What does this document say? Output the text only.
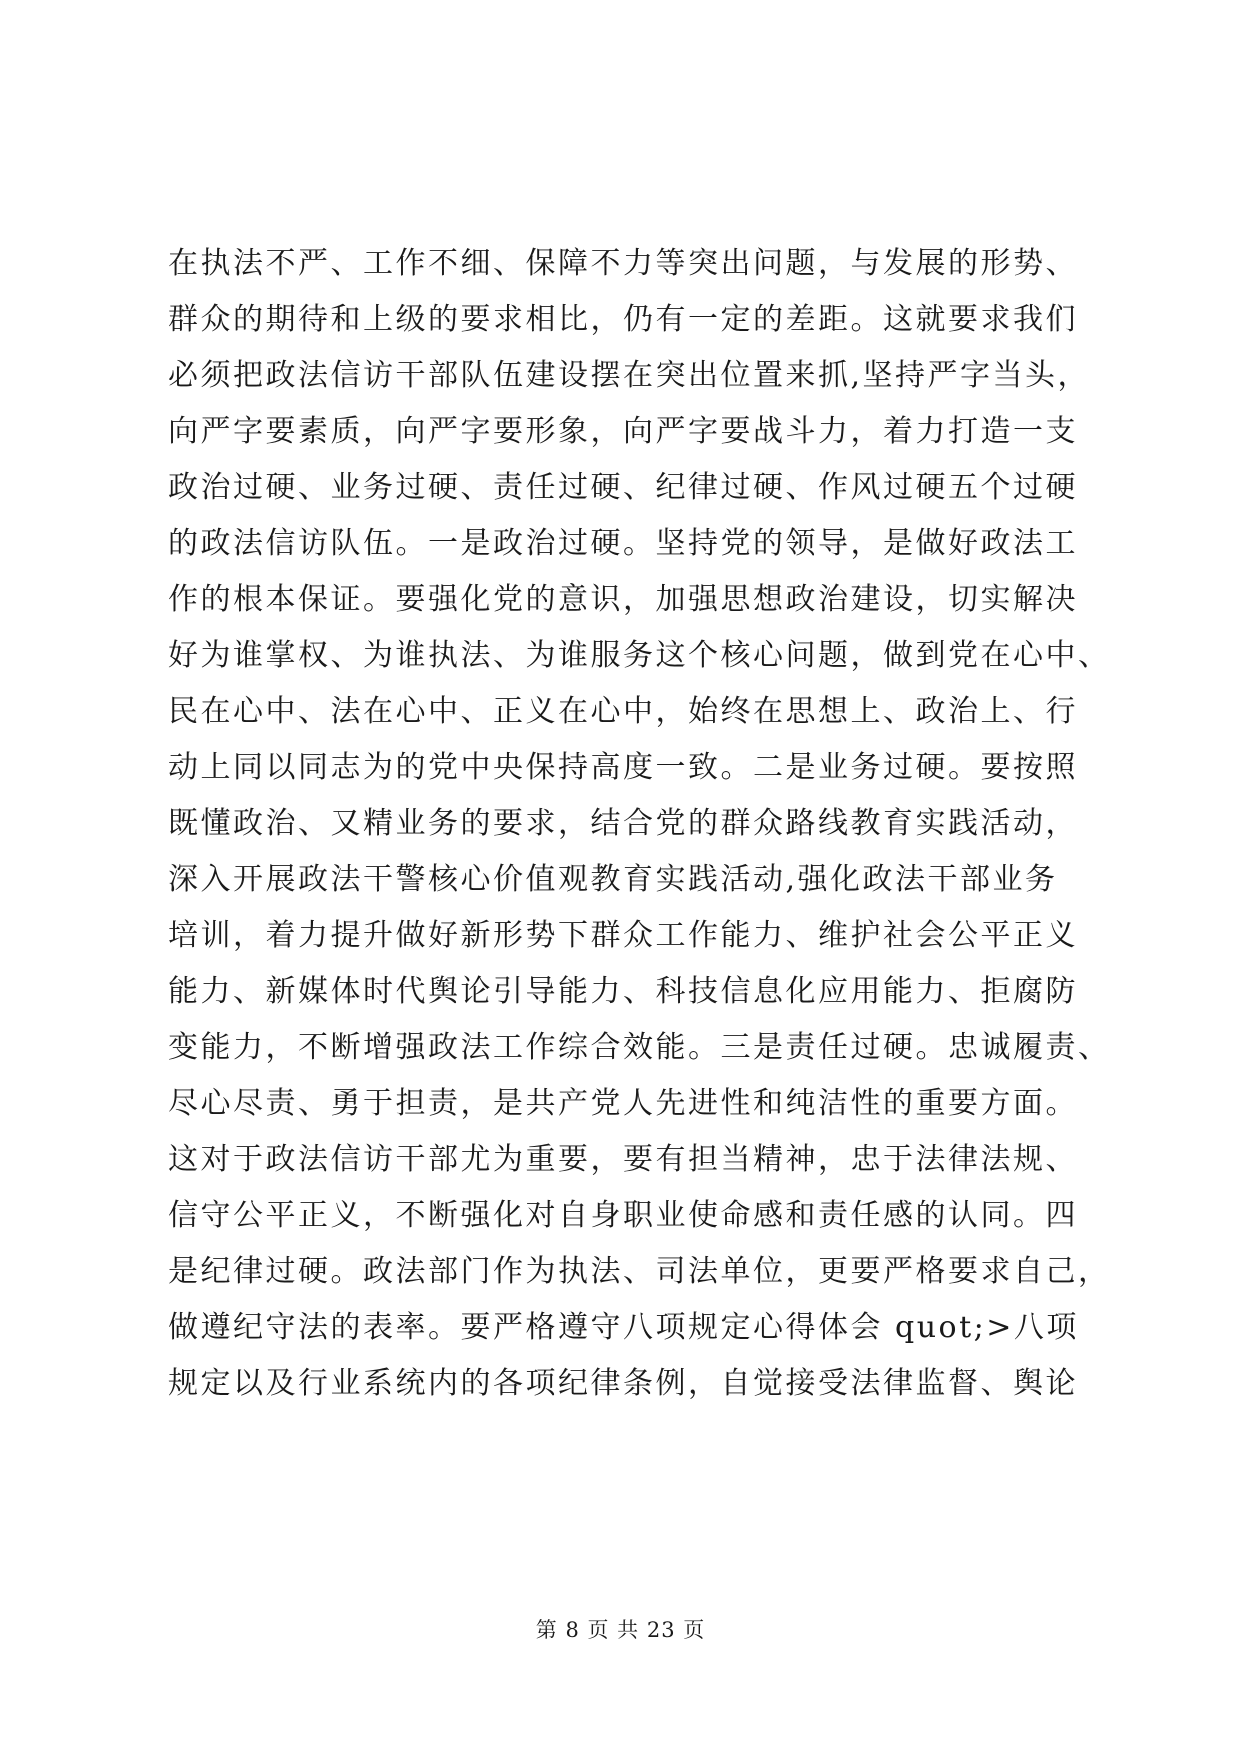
在执法不严、工作不细、保障不力等突出问题，与发展的形势、
群众的期待和上级的要求相比，仍有一定的差距。这就要求我们
必须把政法信访干部队伍建设摆在突出位置来抓,坚持严字当头，
向严字要素质，向严字要形象，向严字要战斗力，着力打造一支
政治过硬、业务过硬、责任过硬、纪律过硬、作风过硬五个过硬
的政法信访队伍。一是政治过硬。坚持党的领导，是做好政法工
作的根本保证。要强化党的意识，加强思想政治建设，切实解决
好为谁掌权、为谁执法、为谁服务这个核心问题，做到党在心中、
民在心中、法在心中、正义在心中，始终在思想上、政治上、行
动上同以同志为的党中央保持高度一致。二是业务过硬。要按照
既懂政治、又精业务的要求，结合党的群众路线教育实践活动，
深入开展政法干警核心价值观教育实践活动,强化政法干部业务
培训，着力提升做好新形势下群众工作能力、维护社会公平正义
能力、新媒体时代舆论引导能力、科技信息化应用能力、拒腐防
变能力，不断增强政法工作综合效能。三是责任过硬。忠诚履责、
尽心尽责、勇于担责，是共产党人先进性和纯洁性的重要方面。
这对于政法信访干部尤为重要，要有担当精神，忠于法律法规、
信守公平正义，不断强化对自身职业使命感和责任感的认同。四
是纪律过硬。政法部门作为执法、司法单位，更要严格要求自己，
做遵纪守法的表率。要严格遵守八项规定心得体会 quot;>八项
规定以及行业系统内的各项纪律条例，自觉接受法律监督、舆论
第 8 页 共 23 页
